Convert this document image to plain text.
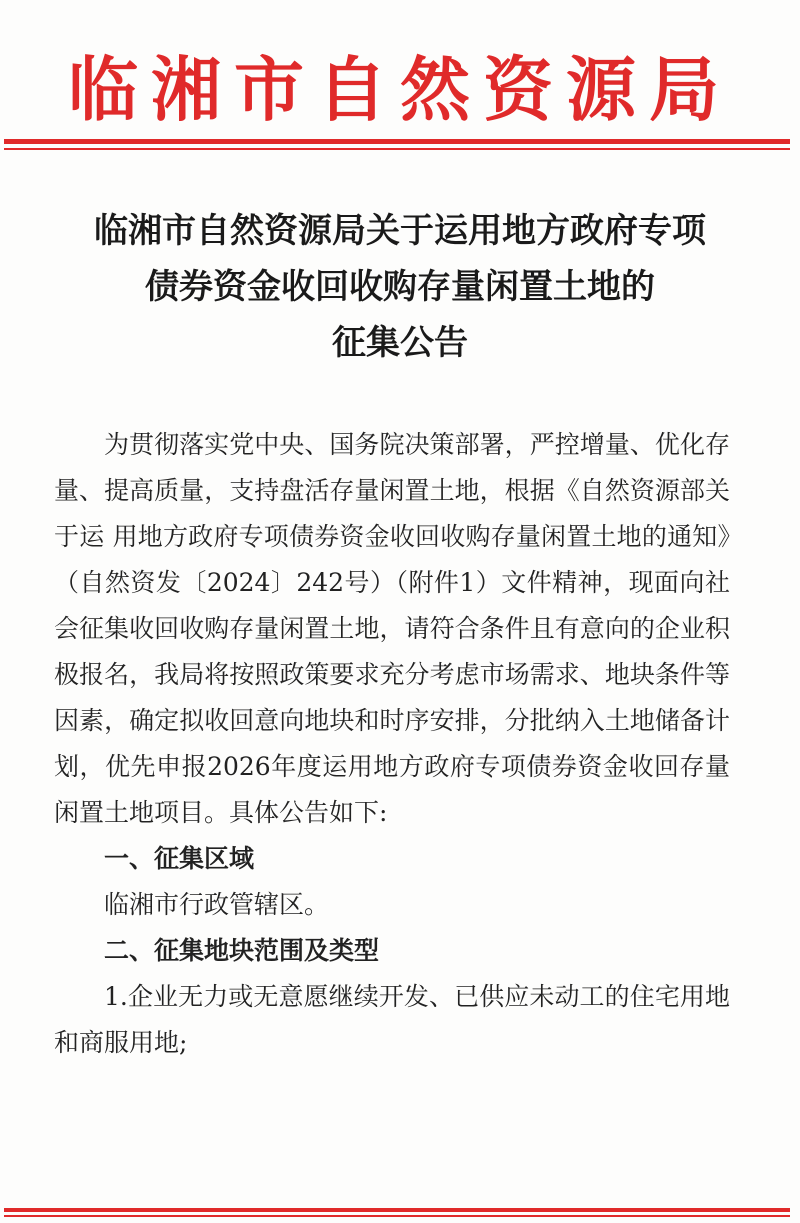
临湘市自然资源局
临湘市自然资源局关于运用地方政府专项
债券资金收回收购存量闲置土地的
征集公告

为贯彻落实党中央、国务院决策部署，严控增量、优化存量、提高质量，支持盘活存量闲置土地，根据《自然资源部关于运 用地方政府专项债券资金收回收购存量闲置土地的通知》（自然资发〔2024〕242号）（附件1）文件精神，现面向社会征集收回收购存量闲置土地，请符合条件且有意向的企业积极报名，我局将按照政策要求充分考虑市场需求、地块条件等因素，确定拟收回意向地块和时序安排，分批纳入土地储备计划，优先申报2026年度运用地方政府专项债券资金收回存量闲置土地项目。具体公告如下:

一、征集区域

临湘市行政管辖区。

二、征集地块范围及类型

1.企业无力或无意愿继续开发、已供应未动工的住宅用地和商服用地;
